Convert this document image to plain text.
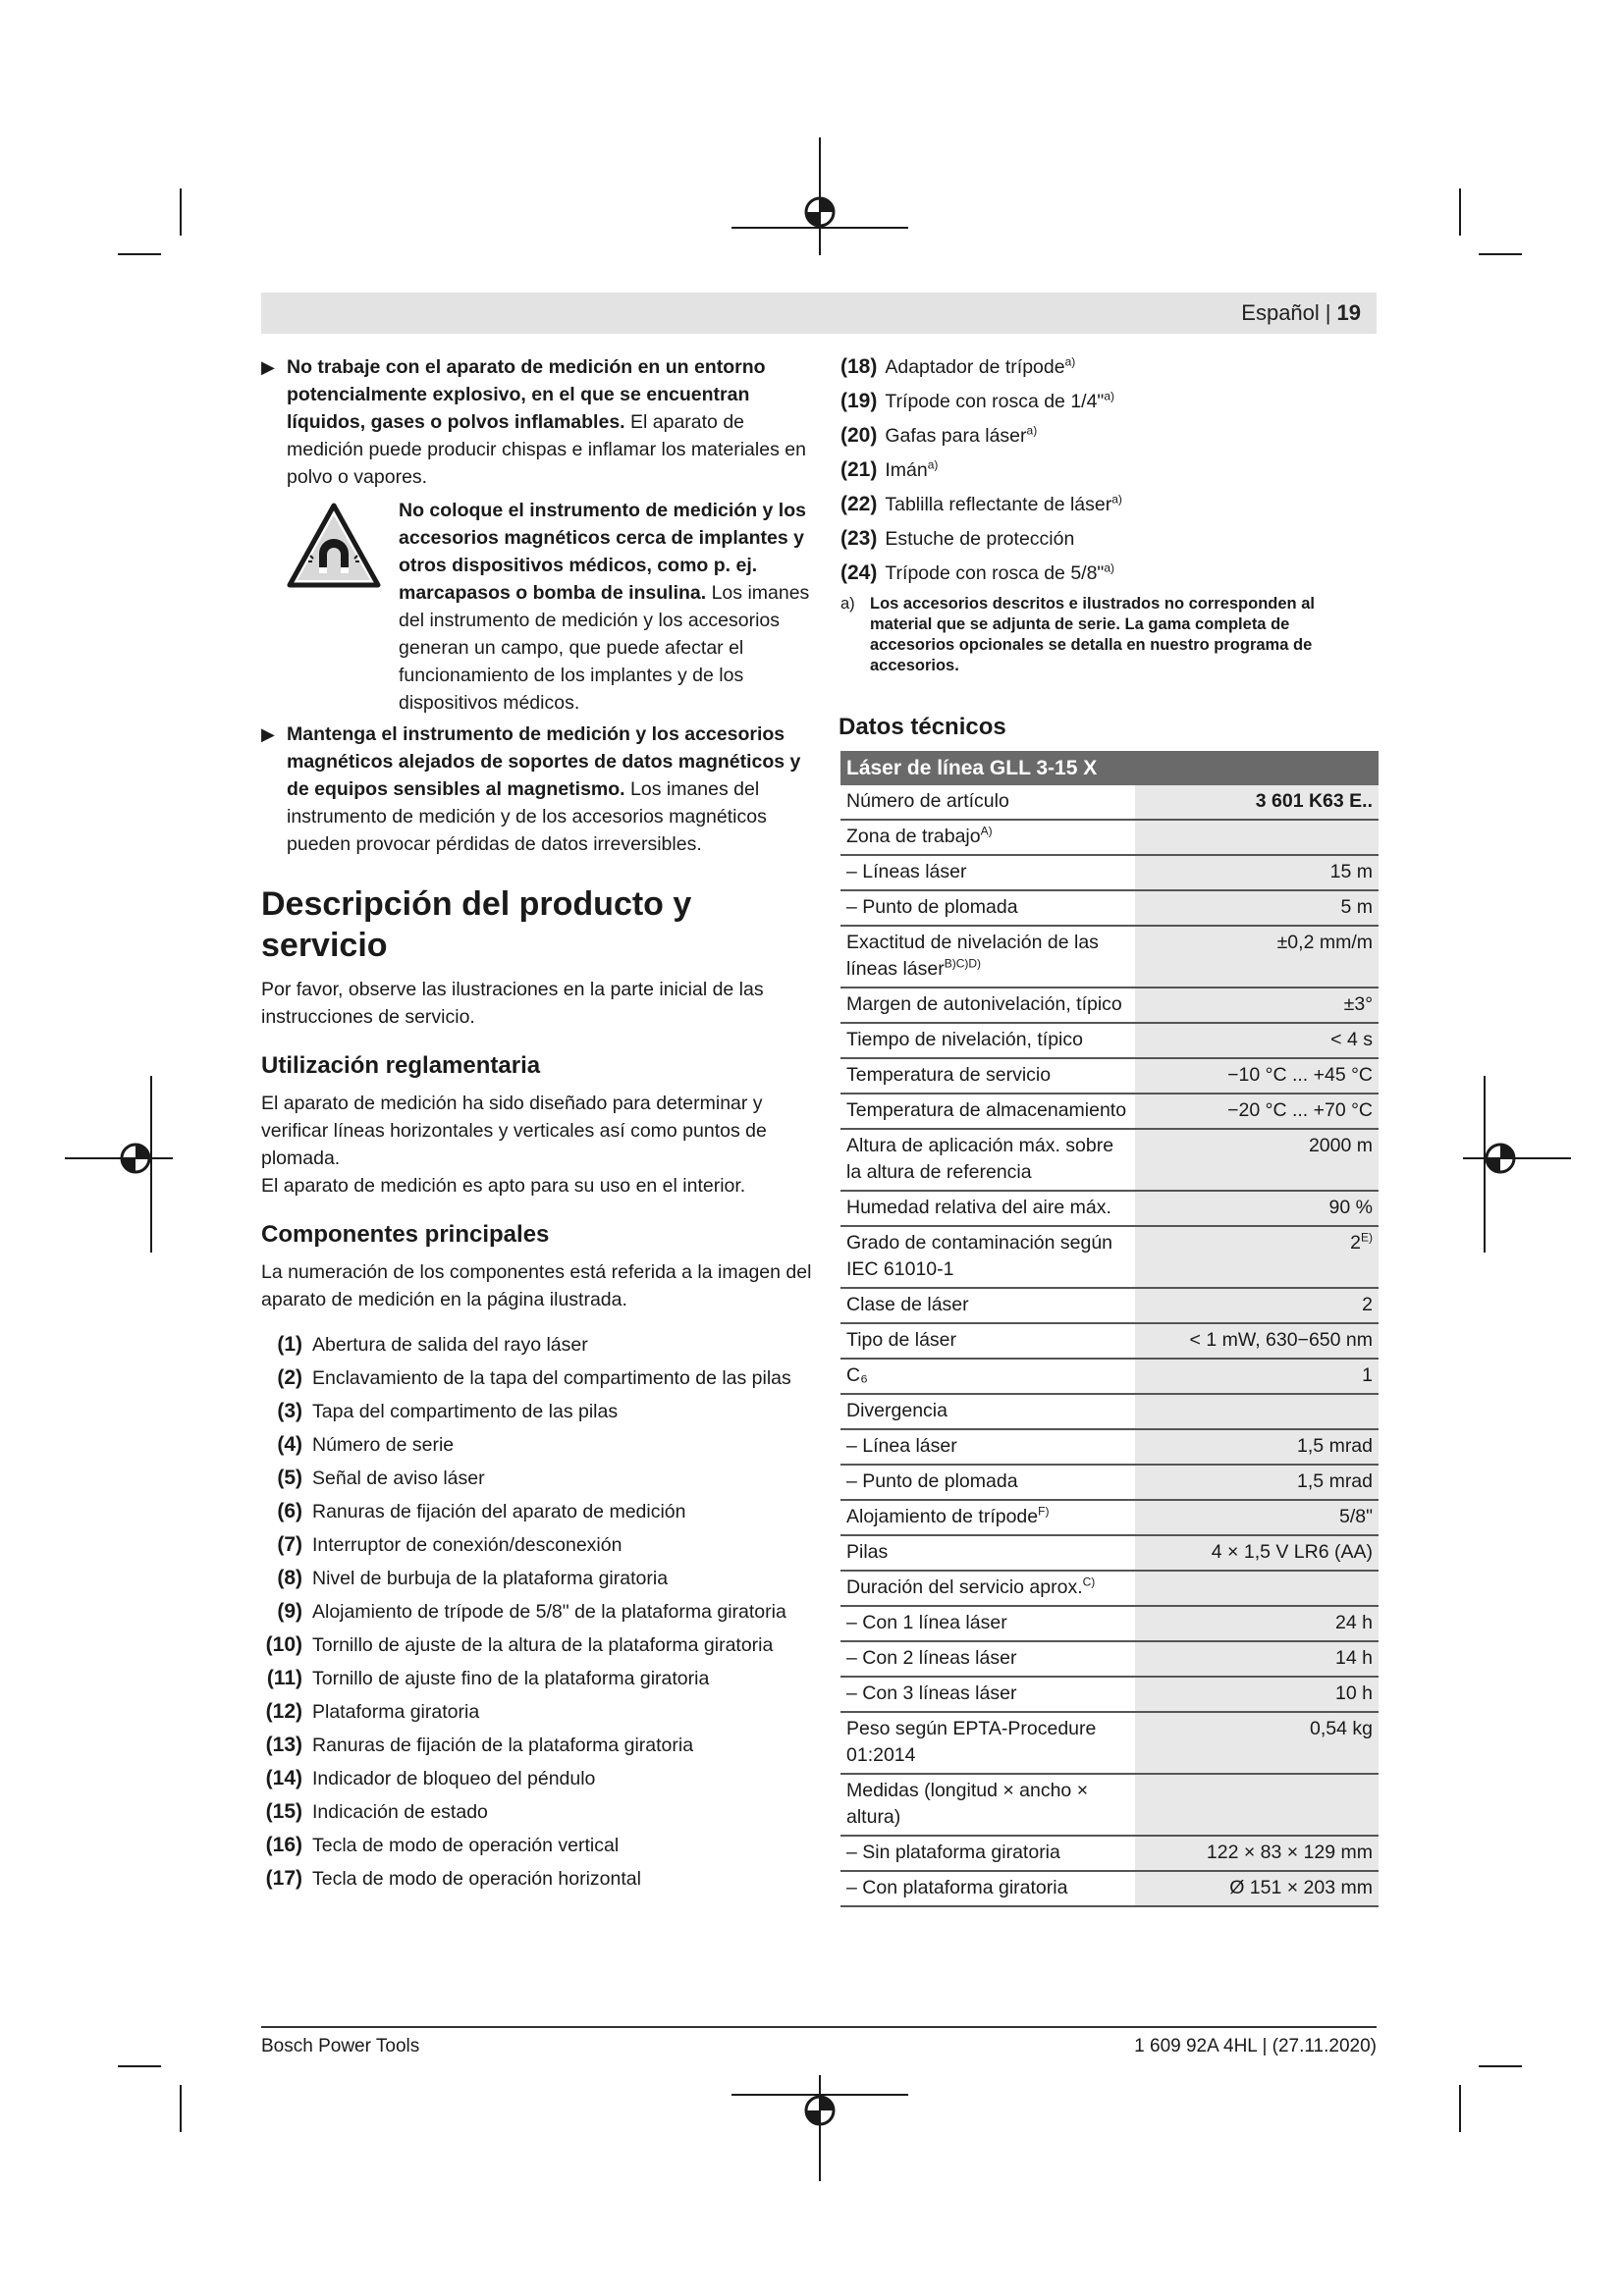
Español | 19
▶ No trabaje con el aparato de medición en un entorno potencialmente explosivo, en el que se encuentran líquidos, gases o polvos inflamables. El aparato de medición puede producir chispas e inflamar los materiales en polvo o vapores.
No coloque el instrumento de medición y los accesorios magnéticos cerca de implantes y otros dispositivos médicos, como p. ej. marcapasos o bomba de insulina. Los imanes del instrumento de medición y los accesorios generan un campo, que puede afectar el funcionamiento de los implantes y de los dispositivos médicos.
▶ Mantenga el instrumento de medición y los accesorios magnéticos alejados de soportes de datos magnéticos y de equipos sensibles al magnetismo. Los imanes del instrumento de medición y de los accesorios magnéticos pueden provocar pérdidas de datos irreversibles.
Descripción del producto y servicio
Por favor, observe las ilustraciones en la parte inicial de las instrucciones de servicio.
Utilización reglamentaria
El aparato de medición ha sido diseñado para determinar y verificar líneas horizontales y verticales así como puntos de plomada.
El aparato de medición es apto para su uso en el interior.
Componentes principales
La numeración de los componentes está referida a la imagen del aparato de medición en la página ilustrada.
(1) Abertura de salida del rayo láser
(2) Enclavamiento de la tapa del compartimento de las pilas
(3) Tapa del compartimento de las pilas
(4) Número de serie
(5) Señal de aviso láser
(6) Ranuras de fijación del aparato de medición
(7) Interruptor de conexión/desconexión
(8) Nivel de burbuja de la plataforma giratoria
(9) Alojamiento de trípode de 5/8" de la plataforma giratoria
(10) Tornillo de ajuste de la altura de la plataforma giratoria
(11) Tornillo de ajuste fino de la plataforma giratoria
(12) Plataforma giratoria
(13) Ranuras de fijación de la plataforma giratoria
(14) Indicador de bloqueo del péndulo
(15) Indicación de estado
(16) Tecla de modo de operación vertical
(17) Tecla de modo de operación horizontal
(18) Adaptador de trípode$^{a)}$
(19) Trípode con rosca de 1/4"$^{a)}$
(20) Gafas para láser$^{a)}$
(21) Imán$^{a)}$
(22) Tablilla reflectante de láser$^{a)}$
(23) Estuche de protección
(24) Trípode con rosca de 5/8"$^{a)}$
a) Los accesorios descritos e ilustrados no corresponden al material que se adjunta de serie. La gama completa de accesorios opcionales se detalla en nuestro programa de accesorios.
Datos técnicos
Láser de línea GLL 3-15 X	
Número de artículo	3 601 K63 E..
Zona de trabajo$^{A)}$	
– Líneas láser	15 m
– Punto de plomada	5 m
Exactitud de nivelación de las líneas láser$^{B)C)D)}$	±0,2 mm/m
Margen de autonivelación, típico	±3°
Tiempo de nivelación, típico	< 4 s
Temperatura de servicio	−10 °C ... +45 °C
Temperatura de almacenamiento	−20 °C ... +70 °C
Altura de aplicación máx. sobre la altura de referencia	2000 m
Humedad relativa del aire máx.	90 %
Grado de contaminación según IEC 61010-1	$2^{E)}$
Clase de láser	2
Tipo de láser	< 1 mW, 630−650 nm
C₆	1
Divergencia	
– Línea láser	1,5 mrad
– Punto de plomada	1,5 mrad
Alojamiento de trípode$^{F)}$	5/8"
Pilas	4 × 1,5 V LR6 (AA)
Duración del servicio aprox.$^{C)}$	
– Con 1 línea láser	24 h
– Con 2 líneas láser	14 h
– Con 3 líneas láser	10 h
Peso según EPTA-Procedure 01:2014	0,54 kg
Medidas (longitud × ancho × altura)	
– Sin plataforma giratoria	122 × 83 × 129 mm
– Con plataforma giratoria	Ø 151 × 203 mm
Bosch Power Tools	1 609 92A 4HL | (27.11.2020)
